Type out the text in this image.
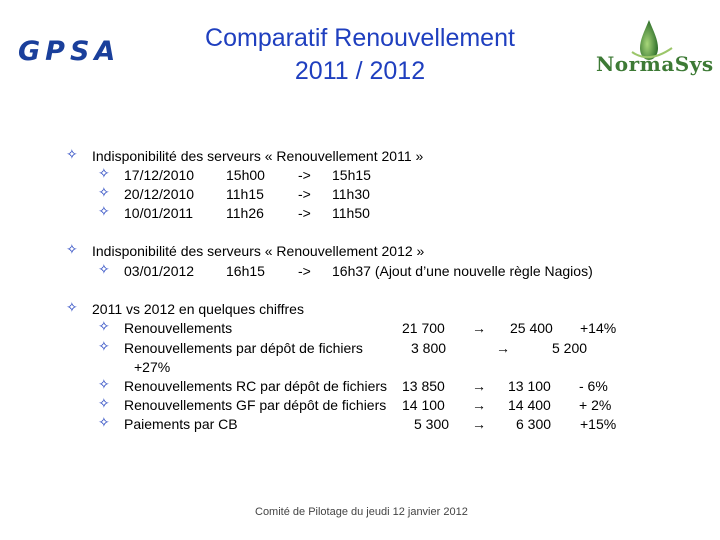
GPSA	Comparatif Renouvellement
2011 / 2012	NormaSys
✧ Indisponibilité des serveurs « Renouvellement 2011 »
✧ 17/12/2010 15h00 -> 15h15
✧ 20/12/2010 11h15 -> 11h30
✧ 10/01/2011 11h26 -> 11h50
✧ Indisponibilité des serveurs « Renouvellement 2012 »
✧ 03/01/2012 16h15 -> 16h37 (Ajout d’une nouvelle règle Nagios)
✧ 2011 vs 2012 en quelques chiffres
✧ Renouvellements	21 700 → 25 400 +14%
✧ Renouvellements par dépôt de fichiers	3 800	→	5 200
+27%
✧ Renouvellements RC par dépôt de fichiers 13 850 → 13 100 - 6%
✧ Renouvellements GF par dépôt de fichiers 14 100 → 14 400 + 2%
✧ Paiements par CB	5 300 → 6 300 +15%
Comité de Pilotage du jeudi 12 janvier 2012
